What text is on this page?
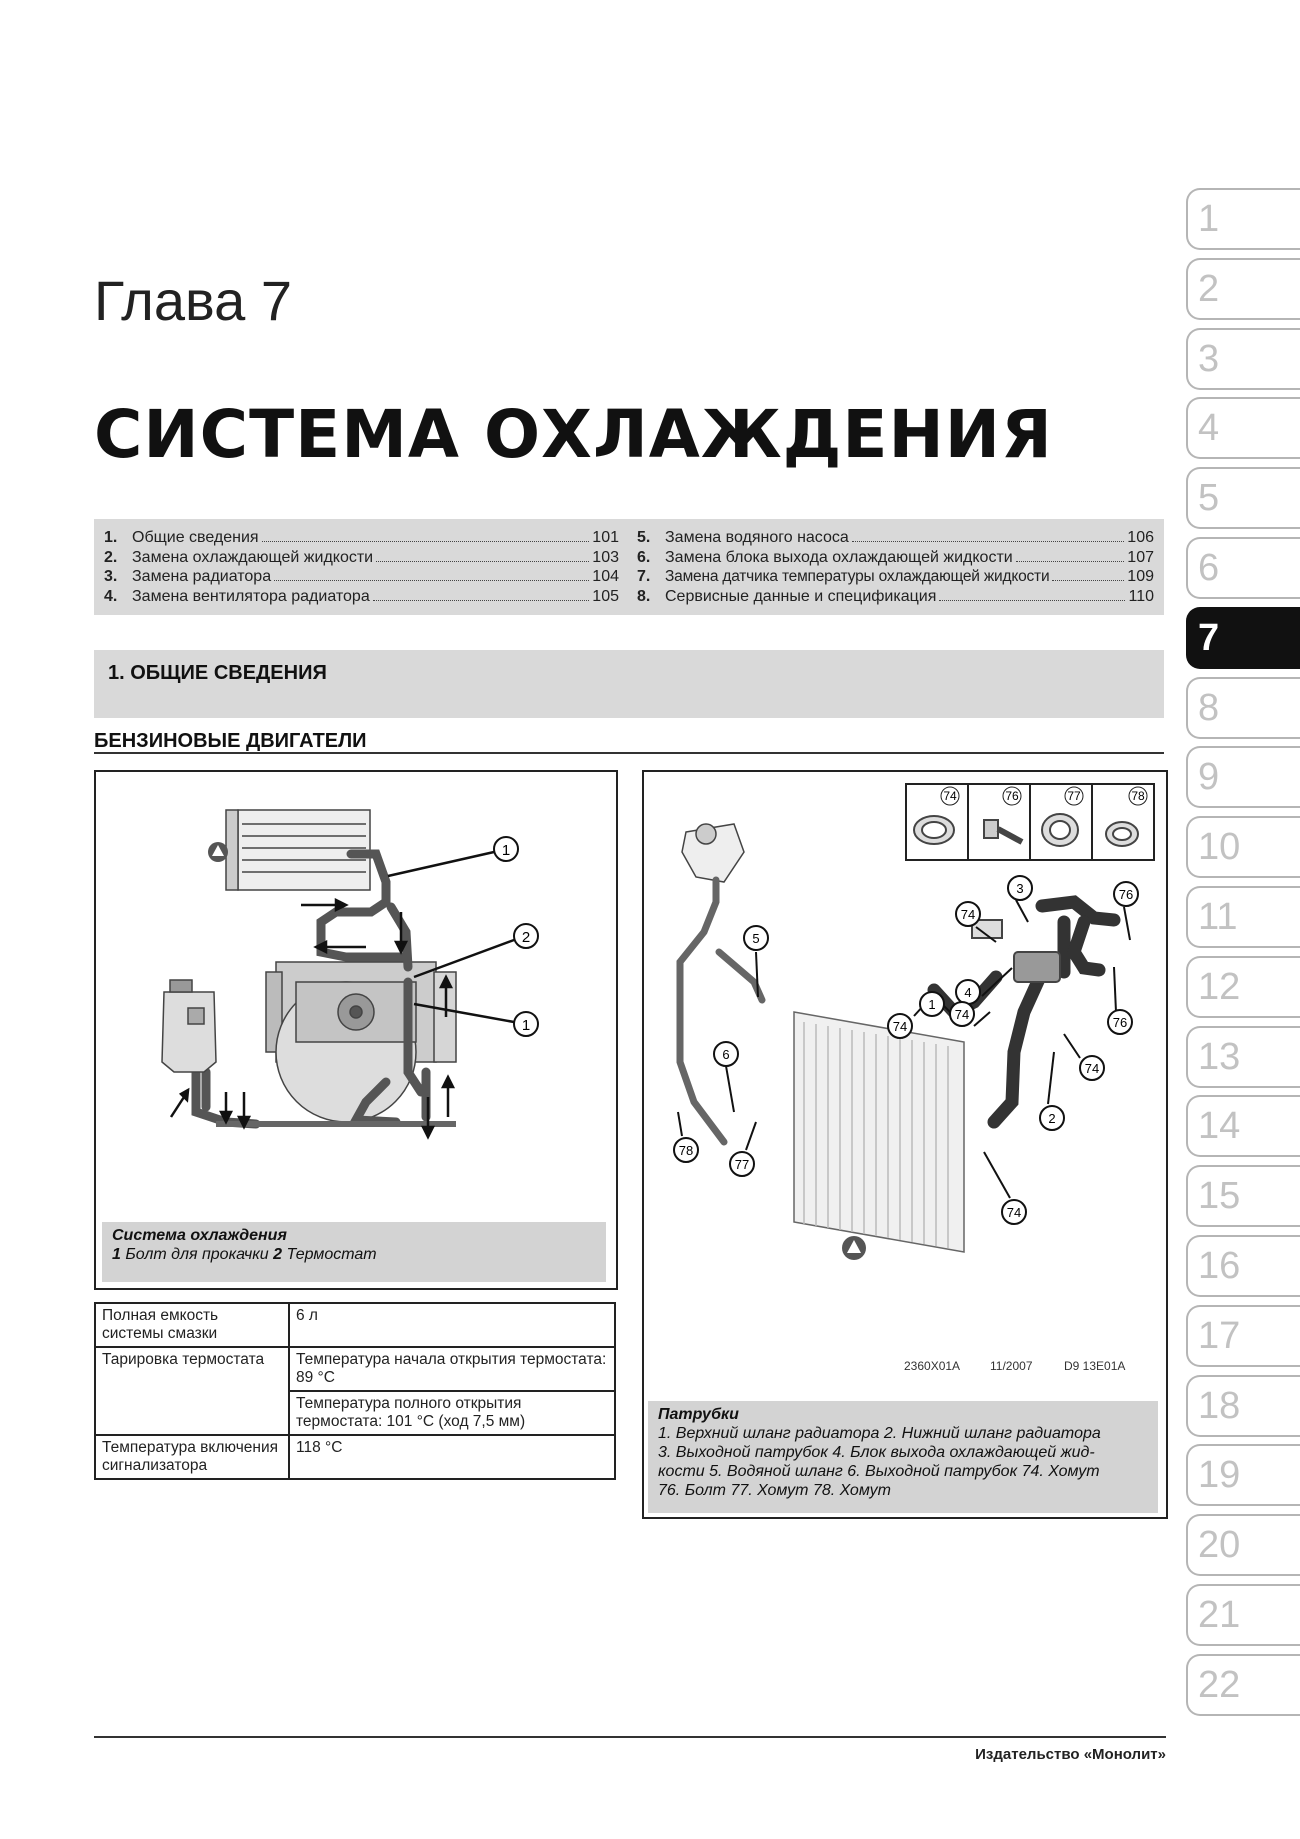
Глава 7
СИСТЕМА ОХЛАЖДЕНИЯ
1. Общие сведения	101
2. Замена охлаждающей жидкости	103
3. Замена радиатора	104
4. Замена вентилятора радиатора	105
5. Замена водяного насоса	106
6. Замена блока выхода охлаждающей жидкости	107
7. Замена датчика температуры охлаждающей жидкости	109
8. Сервисные данные и спецификация	110
1. ОБЩИЕ СВЕДЕНИЯ
БЕНЗИНОВЫЕ ДВИГАТЕЛИ
1
2
1
Система охлаждения
1 Болт для прокачки 2 Термостат
Полная емкость системы смазки	6 л
Тарировка термостата	Температура начала открытия термостата: 89 °С
	Температура полного открытия термостата: 101 °С (ход 7,5 мм)
Температура включения сигнализатора	118 °С
74	76	77	78
3	76
74
5
4
74
1
74
76
6
2
74
78
77
74
2360X01A 11/2007	D9 13E01A
Патрубки
1. Верхний шланг радиатора 2. Нижний шланг радиатора
3. Выходной патрубок 4. Блок выхода охлаждающей жид-
кости 5. Водяной шланг 6. Выходной патрубок 74. Хомут
76. Болт 77. Хомут 78. Хомут
1
2
3
4
5
6
7
8
9
10
11
12
13
14
15
16
17
18
19
20
21
22
Издательство «Монолит»
